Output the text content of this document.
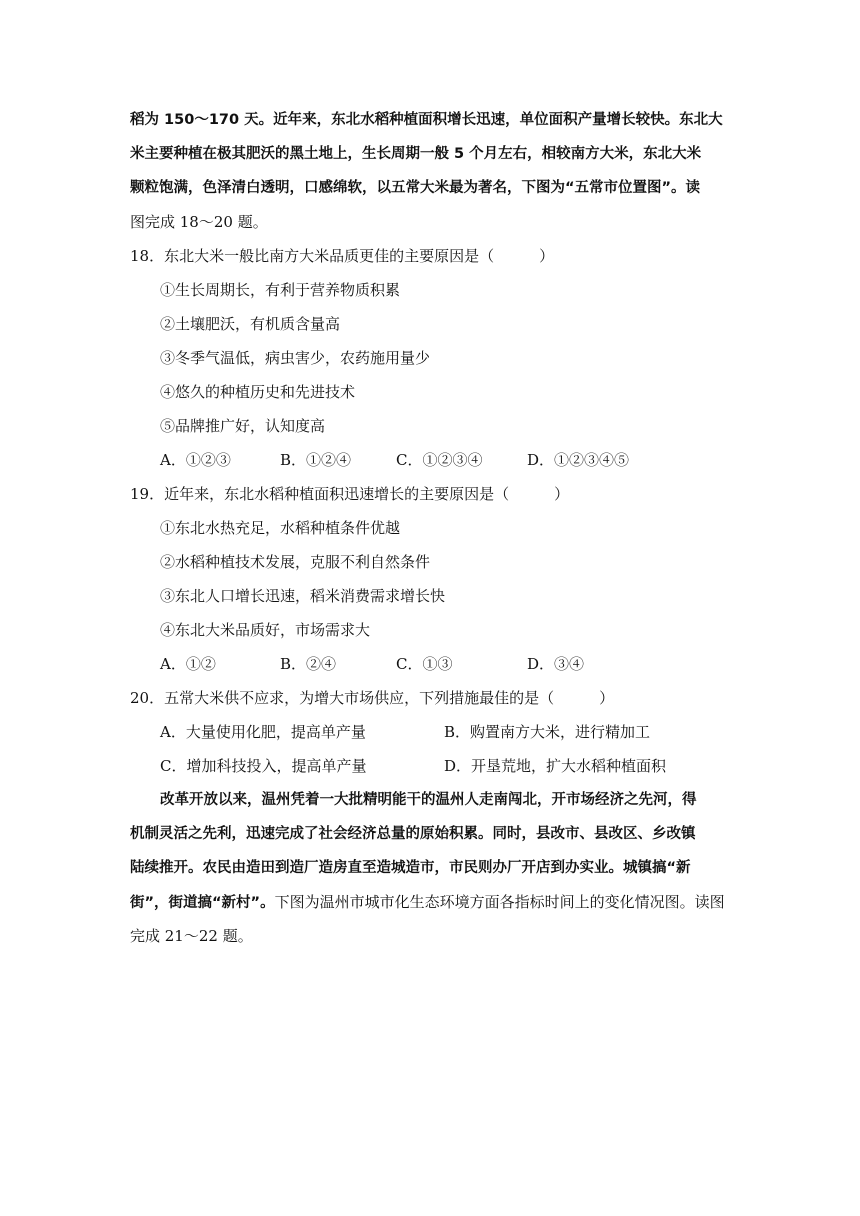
稻为 150～170 天。近年来，东北水稻种植面积增长迅速，单位面积产量增长较快。东北大
米主要种植在极其肥沃的黑土地上，生长周期一般 5 个月左右，相较南方大米，东北大米
颗粒饱满，色泽清白透明，口感绵软，以五常大米最为著名，下图为“五常市位置图”。读
图完成 18～20 题。
18．东北大米一般比南方大米品质更佳的主要原因是（　　　）
①生长周期长，有利于营养物质积累
②土壤肥沃，有机质含量高
③冬季气温低，病虫害少，农药施用量少
④悠久的种植历史和先进技术
⑤品牌推广好，认知度高
A．①②③	B．①②④	C．①②③④	D．①②③④⑤
19．近年来，东北水稻种植面积迅速增长的主要原因是（　　　）
①东北水热充足，水稻种植条件优越
②水稻种植技术发展，克服不利自然条件
③东北人口增长迅速，稻米消费需求增长快
④东北大米品质好，市场需求大
A．①②	B．②④	C．①③	D．③④
20．五常大米供不应求，为增大市场供应，下列措施最佳的是（　　　）
A．大量使用化肥，提高单产量	B．购置南方大米，进行精加工
C．增加科技投入，提高单产量	D．开垦荒地，扩大水稻种植面积
改革开放以来，温州凭着一大批精明能干的温州人走南闯北，开市场经济之先河，得
机制灵活之先利，迅速完成了社会经济总量的原始积累。同时，县改市、县改区、乡改镇
陆续推开。农民由造田到造厂造房直至造城造市，市民则办厂开店到办实业。城镇搞“新
街”，街道搞“新村”。下图为温州市城市化生态环境方面各指标时间上的变化情况图。读图
完成 21～22 题。
